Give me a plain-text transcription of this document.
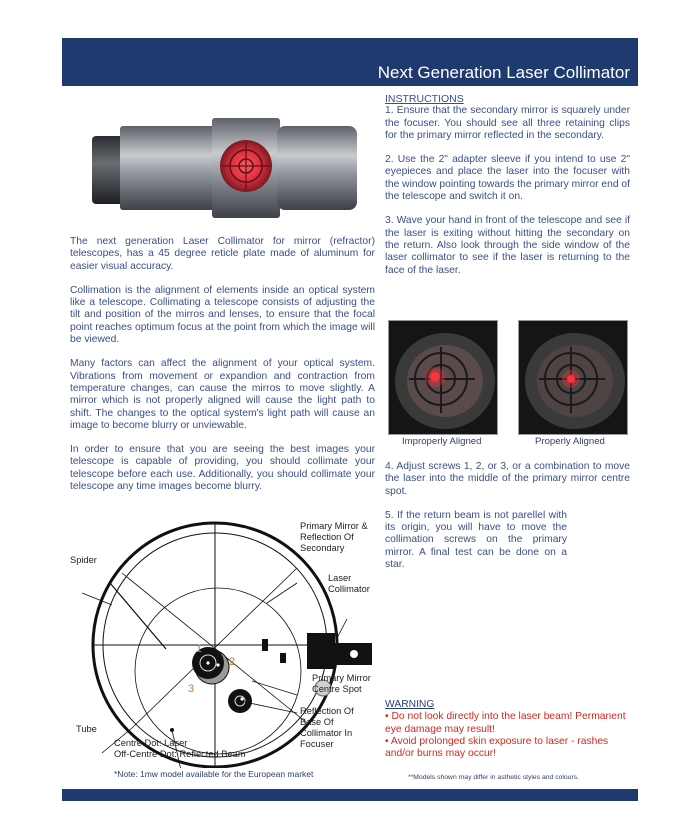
Next Generation Laser Collimator

The next generation Laser Collimator for mirror (refractor) telescopes, has a 45 degree reticle plate made of aluminum for easier visual accuracy.

Collimation is the alignment of elements inside an optical system like a telescope. Collimating a telescope consists of adjusting the tilt and position of the mirros and lenses, to ensure that the focal point reaches optimum focus at the point from which the image will be viewed.

Many factors can affect the alignment of your optical system. Vibrations from movement or expandion and contraction from temperature changes, can cause the mirros to move slightly. A mirror which is not properly aligned will cause the light path to shift. The changes to the optical system's light path will cause an image to become blurry or unviewable.

In order to ensure that you are seeing the best images your telescope is capable of providing, you should collimate your telescope before each use. Additionally, you should collimate your telescope any time images become blurry.

INSTRUCTIONS

1. Ensure that the secondary mirror is squarely under the focuser. You should see all three retaining clips for the primary mirror reflected in the secondary.

2. Use the 2" adapter sleeve if you intend to use 2" eyepieces and place the laser into the focuser with the window pointing towards the primary mirror end of the telescope and switch it on.

3. Wave your hand in front of the telescope and see if the laser is exiting without hitting the secondary on the return. Also look through the side window of the laser collimator to see if the laser is returning to the face of the laser.

Improperly Aligned	Properly Aligned

4. Adjust screws 1, 2, or 3, or a combination to move the laser into the middle of the primary mirror centre spot.

5. If the return beam is not parellel with its origin, you will have to move the collimation screws on the primary mirror. A final test can be done on a star.

1
2
3
Primary Mirror & Reflection Of Secondary
Spider
Laser Collimator
Primary Mirror Centre Spot
Reflection Of Base Of Collimator In Focuser
Tube
Centre Dot: Laser
Off-Centre Dot: Reflected Beam
WARNING
• Do not look directly into the laser beam! Permanent eye damage may result!
• Avoid prolonged skin exposure to laser - rashes and/or burns may occur!
*Note: 1mw model available for the European market	**Models shown may differ in asthetic styles and colours.
